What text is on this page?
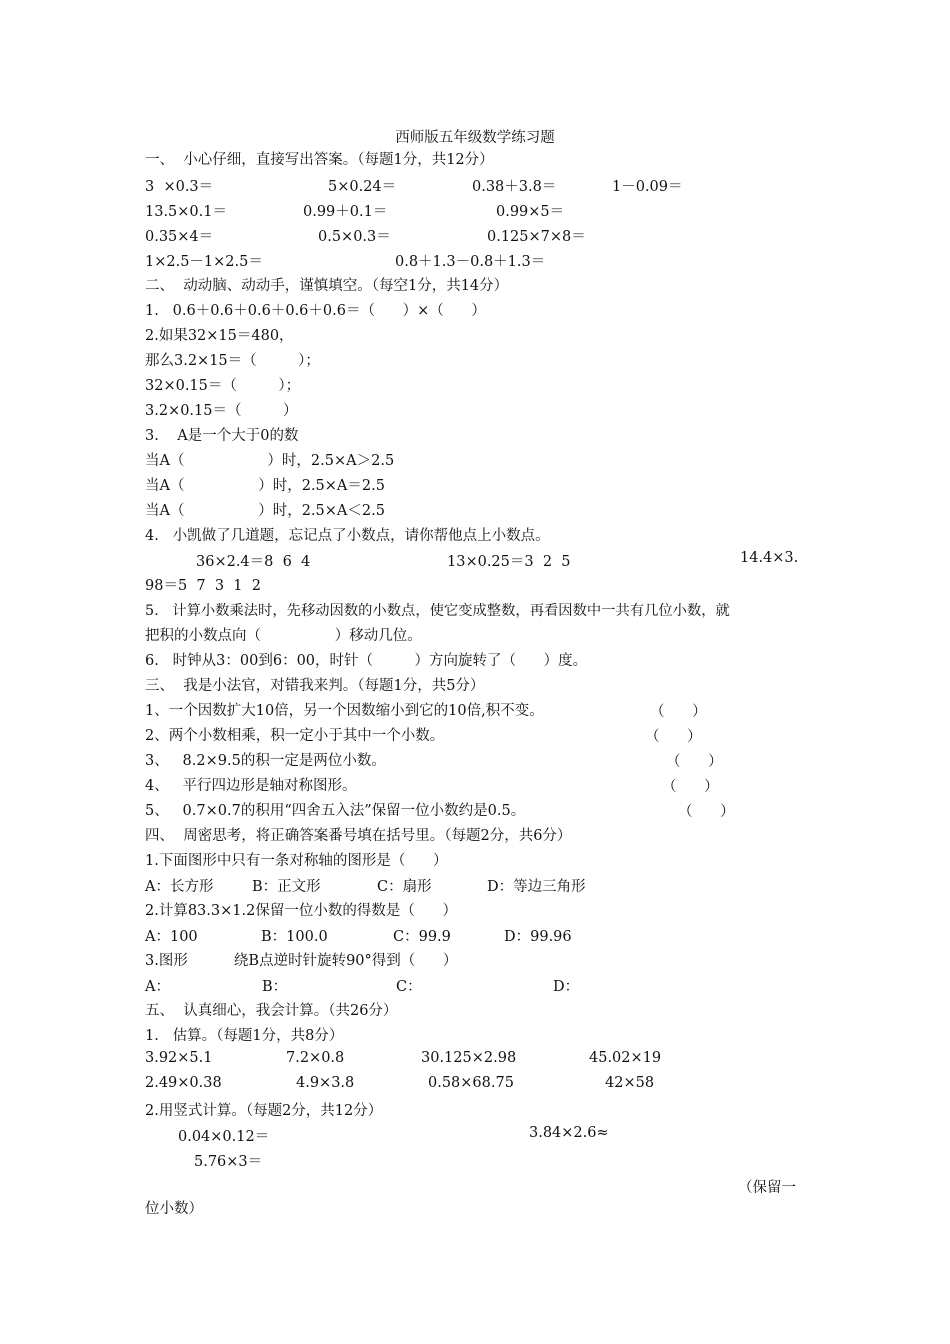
西师版五年级数学练习题
一、  小心仔细，直接写出答案。（每题1分，共12分）
3  ×0.3＝	5×0.24＝	0.38＋3.8＝	1－0.09＝
13.5×0.1＝	0.99＋0.1＝	0.99×5＝
0.35×4＝	0.5×0.3＝	0.125×7×8＝
1×2.5－1×2.5＝	0.8＋1.3－0.8＋1.3＝
二、  动动脑、动动手，谨慎填空。（每空1分，共14分）
1.   0.6＋0.6＋0.6＋0.6＋0.6＝（      ）×（      ）
2.如果32×15＝480，
那么3.2×15＝（         ）；
32×0.15＝（         ）；
3.2×0.15＝（         ）
3.    A是一个大于0的数
当A（                  ）时，2.5×A＞2.5
当A（                ）时，2.5×A＝2.5
当A（                ）时，2.5×A＜2.5
4.   小凯做了几道题，忘记点了小数点，请你帮他点上小数点。
36×2.4＝8  6  4	13×0.25＝3  2  5	14.4×3.
98＝5  7  3  1  2
5.   计算小数乘法时，先移动因数的小数点，使它变成整数，再看因数中一共有几位小数，就
把积的小数点向（                ）移动几位。
6.   时钟从3：00到6：00，时针（         ）方向旋转了（      ）度。
三、  我是小法官，对错我来判。（每题1分，共5分）
1、一个因数扩大10倍，另一个因数缩小到它的10倍,积不变。	（      ）
2、两个小数相乘，积一定小于其中一个小数。	（      ）
3、   8.2×9.5的积一定是两位小数。	（      ）
4、   平行四边形是轴对称图形。	（      ）
5、   0.7×0.7的积用“四舍五入法”保留一位小数约是0.5。	（      ）
四、  周密思考，将正确答案番号填在括号里。（每题2分，共6分）
1.下面图形中只有一条对称轴的图形是（      ）
A：长方形	B：正文形	C：扇形	D：等边三角形
2.计算83.3×1.2保留一位小数的得数是（      ）
A：100	B：100.0	C：99.9	D：99.96
3.图形          绕B点逆时针旋转90°得到（      ）
A：	B：	C：	D：
五、  认真细心，我会计算。（共26分）
1.   估算。（每题1分，共8分）
3.92×5.1	7.2×0.8	30.125×2.98	45.02×19
2.49×0.38	4.9×3.8	0.58×68.75	42×58
2.用竖式计算。（每题2分，共12分）
0.04×0.12＝	3.84×2.6≈
5.76×3＝
（保留一
位小数）
